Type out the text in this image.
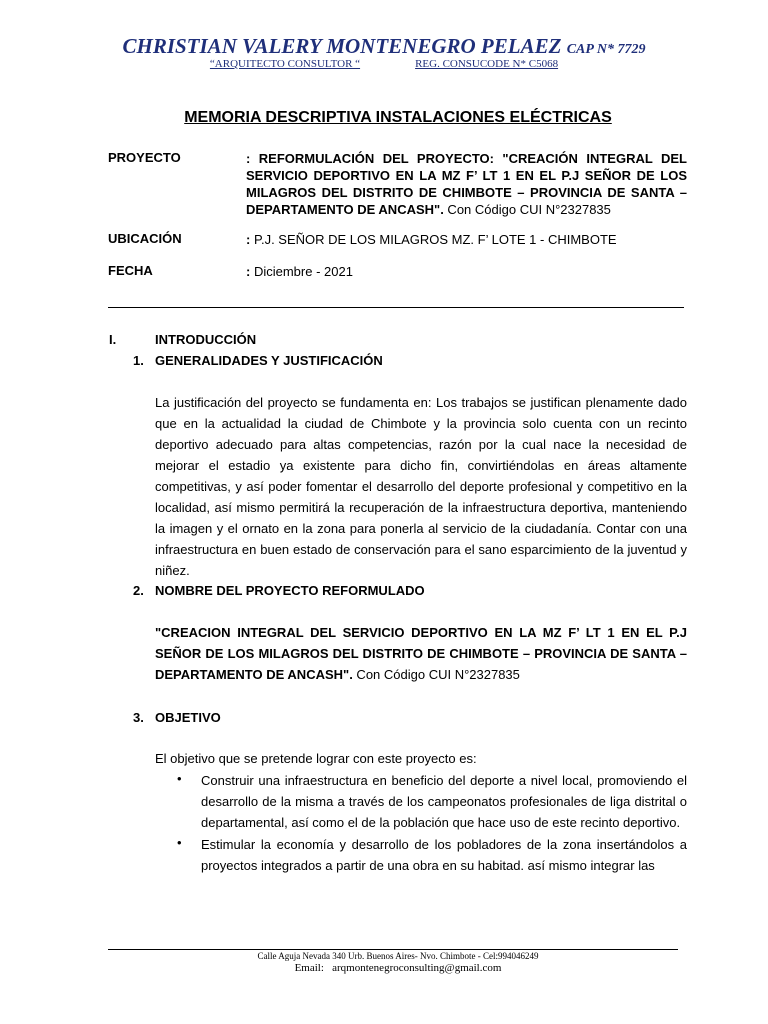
CHRISTIAN VALERY MONTENEGRO PELAEZ CAP N* 7729
“ARQUITECTO CONSULTOR “	REG. CONSUCODE N* C5068
MEMORIA DESCRIPTIVA INSTALACIONES ELÉCTRICAS
PROYECTO	: REFORMULACIÓN DEL PROYECTO: "CREACIÓN INTEGRAL DEL SERVICIO DEPORTIVO EN LA MZ F’ LT 1 EN EL P.J SEÑOR DE LOS MILAGROS DEL DISTRITO DE CHIMBOTE – PROVINCIA DE SANTA – DEPARTAMENTO DE ANCASH". Con Código CUI N°2327835
UBICACIÓN	: P.J. SEÑOR DE LOS MILAGROS MZ. F’ LOTE 1 - CHIMBOTE
FECHA	: Diciembre - 2021
I.	INTRODUCCIÓN
1. GENERALIDADES Y JUSTIFICACIÓN
La justificación del proyecto se fundamenta en: Los trabajos se justifican plenamente dado que en la actualidad la ciudad de Chimbote y la provincia solo cuenta con un recinto deportivo adecuado para altas competencias, razón por la cual nace la necesidad de mejorar el estadio ya existente para dicho fin, convirtiéndolas en áreas altamente competitivas, y así poder fomentar el desarrollo del deporte profesional y competitivo en la localidad, así mismo permitirá la recuperación de la infraestructura deportiva, manteniendo la imagen y el ornato en la zona para ponerla al servicio de la ciudadanía. Contar con una infraestructura en buen estado de conservación para el sano esparcimiento de la juventud y niñez.
2. NOMBRE DEL PROYECTO REFORMULADO
"CREACION INTEGRAL DEL SERVICIO DEPORTIVO EN LA MZ F’ LT 1 EN EL P.J SEÑOR DE LOS MILAGROS DEL DISTRITO DE CHIMBOTE – PROVINCIA DE SANTA – DEPARTAMENTO DE ANCASH". Con Código CUI N°2327835
3. OBJETIVO
El objetivo que se pretende lograr con este proyecto es:
• Construir una infraestructura en beneficio del deporte a nivel local, promoviendo el desarrollo de la misma a través de los campeonatos profesionales de liga distrital o departamental, así como el de la población que hace uso de este recinto deportivo.
• Estimular la economía y desarrollo de los pobladores de la zona insertándolos a proyectos integrados a partir de una obra en su habitad. así mismo integrar las
Calle Aguja Nevada 340 Urb. Buenos Aires- Nvo. Chimbote - Cel:994046249
Email: arqmontenegroconsulting@gmail.com
